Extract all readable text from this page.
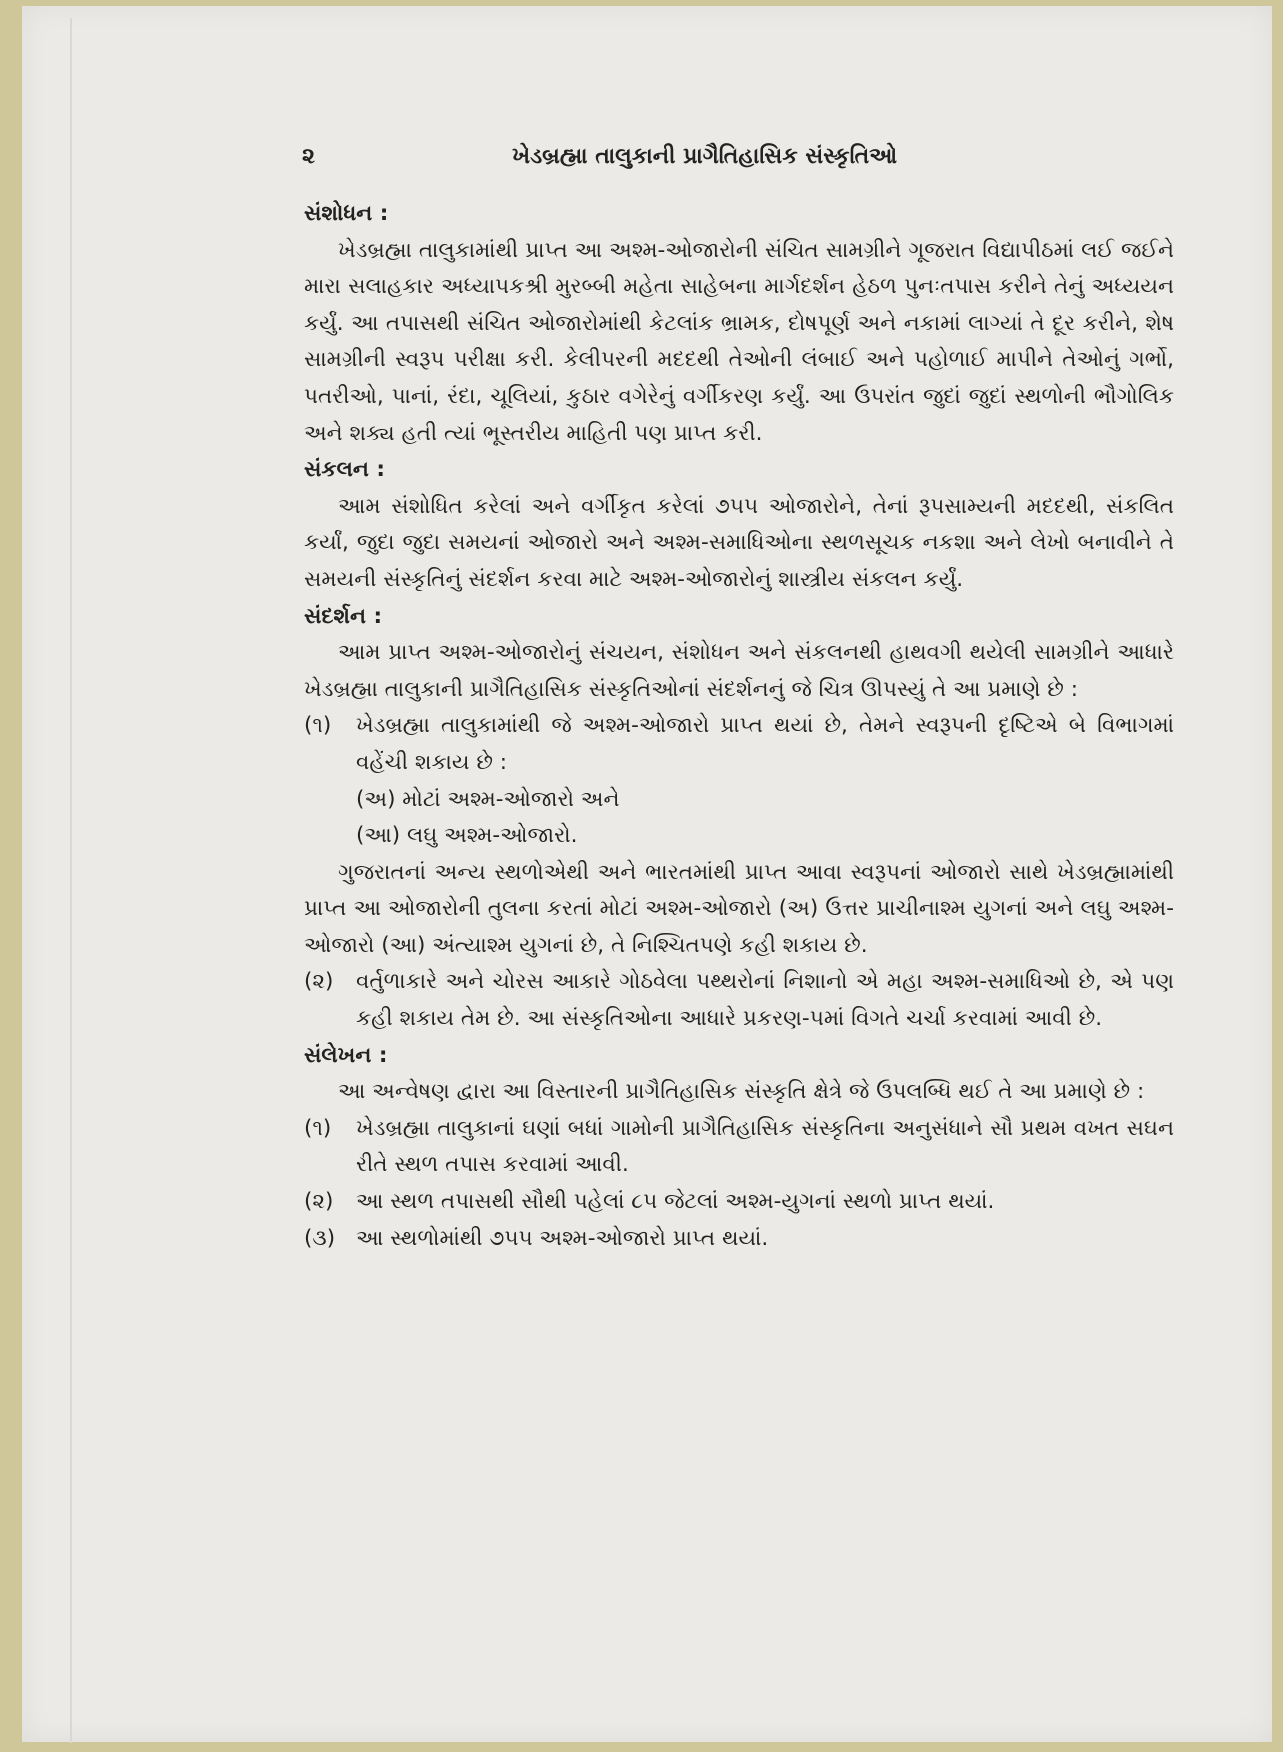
૨	ખેડબ્રહ્મા તાલુકાની પ્રાગૈતિહાસિક સંસ્કૃતિઓ

સંશોધન :

ખેડબ્રહ્મા તાલુકામાંથી પ્રાપ્ત આ અશ્મ-ઓજારોની સંચિત સામગ્રીને ગૂજરાત વિદ્યાપીઠમાં લઈ જઈને મારા સલાહકાર અધ્યાપકશ્રી મુરબ્બી મહેતા સાહેબના માર્ગદર્શન હેઠળ પુનઃતપાસ કરીને તેનું અધ્યયન કર્યું. આ તપાસથી સંચિત ઓજારોમાંથી કેટલાંક ભ્રામક, દોષપૂર્ણ અને નકામાં લાગ્યાં તે દૂર કરીને, શેષ સામગ્રીની સ્વરૂપ પરીક્ષા કરી. કેલીપરની મદદથી તેઓની લંબાઈ અને પહોળાઈ માપીને તેઓનું ગર્ભો, પતરીઓ, પાનાં, રંદા, ચૂલિયાં, કુઠાર વગેરેનું વર્ગીકરણ કર્યું. આ ઉપરાંત જુદાં જુદાં સ્થળોની ભૌગોલિક અને શક્ય હતી ત્યાં ભૂસ્તરીય માહિતી પણ પ્રાપ્ત કરી.

સંકલન :

આમ સંશોધિત કરેલાં અને વર્ગીકૃત કરેલાં ૭૫૫ ઓજારોને, તેનાં રૂપસામ્યની મદદથી, સંકલિત કર્યાં, જુદા જુદા સમયનાં ઓજારો અને અશ્મ-સમાધિઓના સ્થળસૂચક નકશા અને લેખો બનાવીને તે સમયની સંસ્કૃતિનું સંદર્શન કરવા માટે અશ્મ-ઓજારોનું શાસ્ત્રીય સંકલન કર્યું.

સંદર્શન :

આમ પ્રાપ્ત અશ્મ-ઓજારોનું સંચયન, સંશોધન અને સંકલનથી હાથવગી થયેલી સામગ્રીને આધારે ખેડબ્રહ્મા તાલુકાની પ્રાગૈતિહાસિક સંસ્કૃતિઓનાં સંદર્શનનું જે ચિત્ર ઊપસ્યું તે આ પ્રમાણે છે :

(૧)	ખેડબ્રહ્મા તાલુકામાંથી જે અશ્મ-ઓજારો પ્રાપ્ત થયાં છે, તેમને સ્વરૂપની દૃષ્ટિએ બે વિભાગમાં વહેંચી શકાય છે :

(અ) મોટાં અશ્મ-ઓજારો અને

(આ) લઘુ અશ્મ-ઓજારો.

ગુજરાતનાં અન્ય સ્થળોએથી અને ભારતમાંથી પ્રાપ્ત આવા સ્વરૂપનાં ઓજારો સાથે ખેડબ્રહ્મામાંથી પ્રાપ્ત આ ઓજારોની તુલના કરતાં મોટાં અશ્મ-ઓજારો (અ) ઉત્તર પ્રાચીનાશ્મ યુગનાં અને લઘુ અશ્મ-ઓજારો (આ) અંત્યાશ્મ યુગનાં છે, તે નિશ્ચિતપણે કહી શકાય છે.

(૨)	વર્તુળાકારે અને ચોરસ આકારે ગોઠવેલા પથ્થરોનાં નિશાનો એ મહા અશ્મ-સમાધિઓ છે, એ પણ કહી શકાય તેમ છે. આ સંસ્કૃતિઓના આધારે પ્રકરણ-૫માં વિગતે ચર્ચા કરવામાં આવી છે.

સંલેખન :

આ અન્વેષણ દ્વારા આ વિસ્તારની પ્રાગૈતિહાસિક સંસ્કૃતિ ક્ષેત્રે જે ઉપલબ્ધિ થઈ તે આ પ્રમાણે છે :

(૧)	ખેડબ્રહ્મા તાલુકાનાં ઘણાં બધાં ગામોની પ્રાગૈતિહાસિક સંસ્કૃતિના અનુસંધાને સૌ પ્રથમ વખત સઘન રીતે સ્થળ તપાસ કરવામાં આવી.
(૨)	આ સ્થળ તપાસથી સૌથી પહેલાં ૮૫ જેટલાં અશ્મ-યુગનાં સ્થળો પ્રાપ્ત થયાં.
(૩) આ સ્થળોમાંથી ૭૫૫ અશ્મ-ઓજારો પ્રાપ્ત થયાં.
